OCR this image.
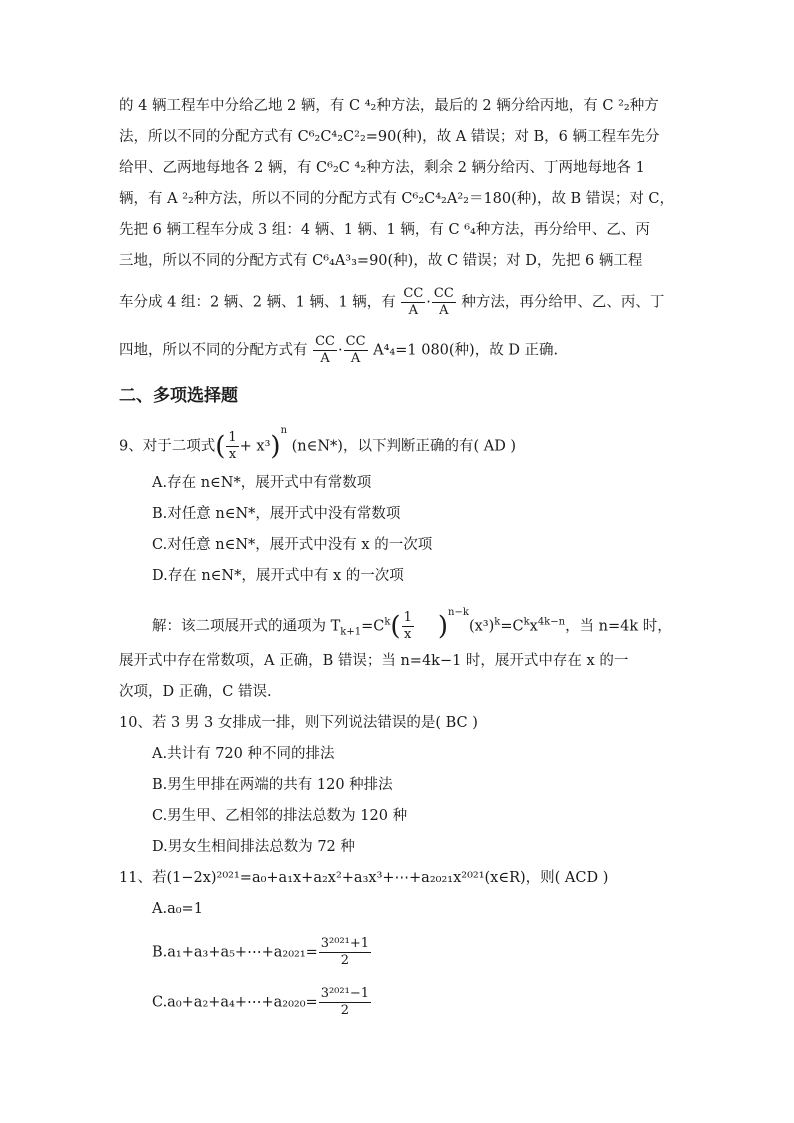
的 4 辆工程车中分给乙地 2 辆，有 C ⁴₂种方法，最后的 2 辆分给丙地，有 C ²₂种方
法，所以不同的分配方式有 C⁶₂C⁴₂C²₂=90(种)，故 A 错误；对 B，6 辆工程车先分
给甲、乙两地每地各 2 辆，有 C⁶₂C ⁴₂种方法，剩余 2 辆分给丙、丁两地每地各 1
辆，有 A ²₂种方法，所以不同的分配方式有 C⁶₂C⁴₂A²₂＝180(种)，故 B 错误；对 C，
先把 6 辆工程车分成 3 组：4 辆、1 辆、1 辆，有 C ⁶₄种方法，再分给甲、乙、丙
三地，所以不同的分配方式有 C⁶₄A³₃=90(种)，故 C 错误；对 D，先把 6 辆工程
车分成 4 组：2 辆、2 辆、1 辆、1 辆，有 $\frac{CC}{A} \cdot \frac{CC}{A}$ 种方法，再分给甲、乙、丙、丁
四地，所以不同的分配方式有 $\frac{CC}{A} \cdot \frac{CC}{A} A^4_4=1$ 080(种)，故 D 正确.
二、多项选择题
9、对于二项式( $\frac{1}{x} + x^3)^n$ (n∈N*)，以下判断正确的有( AD )
A.存在 n∈N*，展开式中有常数项
B.对任意 n∈N*，展开式中没有常数项
C.对任意 n∈N*，展开式中没有 x 的一次项
D.存在 n∈N*，展开式中有 x 的一次项
解：该二项展开式的通项为 $T_{k+1}=C^k( \frac{1}{x} )^{n-k}(x^3)^k=C^kx^{4k-n}$，当 n=4k 时，
展开式中存在常数项，A 正确，B 错误；当 n=4k−1 时，展开式中存在 x 的一
次项，D 正确，C 错误.
10、若 3 男 3 女排成一排，则下列说法错误的是( BC )
A.共计有 720 种不同的排法
B.男生甲排在两端的共有 120 种排法
C.男生甲、乙相邻的排法总数为 120 种
D.男女生相间排法总数为 72 种
11、若(1−2x)²⁰²¹=a₀+a₁x+a₂x²+a₃x³+⋯+a₂₀₂₁x²⁰²¹(x∈R)，则( ACD )
A.a₀=1
B.a₁+a₃+a₅+⋯+a₂₀₂₁= $\frac{\text{3²⁰²¹+1}}{2}$
C.a₀+a₂+a₄+⋯+a₂₀₂₀= $\frac{\text{3²⁰²¹−1}}{2}$
